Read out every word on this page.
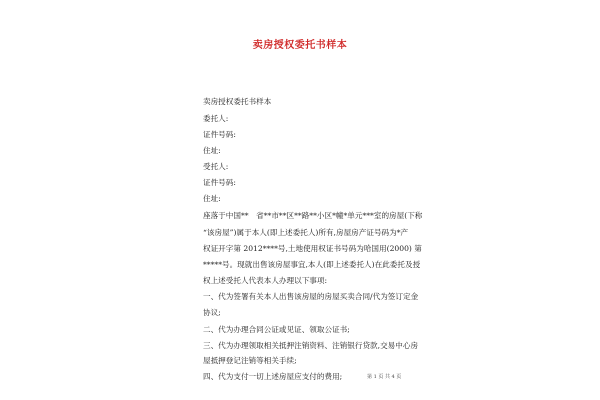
卖房授权委托书样本
卖房授权委托书样本
委托人:
证件号码:
住址:
受托人:
证件号码:
住址:
座落于中国**　省**市**区**路**小区*幢*单元***室的房屋(下称
“该房屋”)属于本人(即上述委托人)所有,房屋房产证号码为*产
权证开字第 2012****号,土地使用权证书号码为哈国用(2000) 第
*****号。现就出售该房屋事宜,本人(即上述委托人)在此委托及授
权上述受托人代表本人办理以下事项:
一、代为签署有关本人出售该房屋的房屋买卖合同/代为签订定金
协议;
二、代为办理合同公证或见证、领取公证书;
三、代为办理领取相关抵押注销资料、注销银行贷款,交易中心房
屋抵押登记注销等相关手续;
四、代为支付一切上述房屋应支付的费用;	第 1 页 共 4 页
